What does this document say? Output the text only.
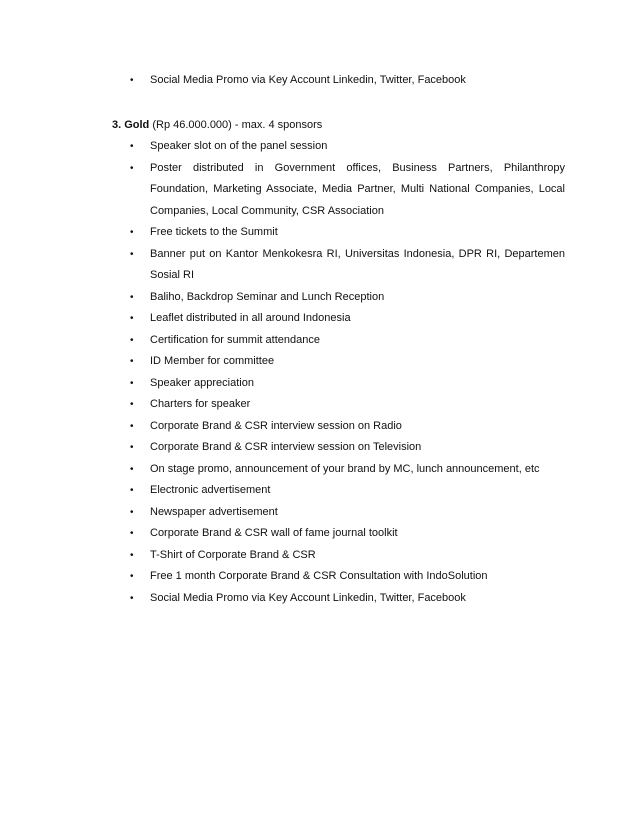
•	Social Media Promo via Key Account Linkedin, Twitter, Facebook

3. Gold (Rp 46.000.000) - max. 4 sponsors

•	Speaker slot on of the panel session
•	Poster distributed in Government offices, Business Partners, Philanthropy Foundation, Marketing Associate, Media Partner, Multi National Companies, Local Companies, Local Community, CSR Association
•	Free tickets to the Summit
•	Banner put on Kantor Menkokesra RI, Universitas Indonesia, DPR RI, Departemen Sosial RI
•	Baliho, Backdrop Seminar and Lunch Reception
•	Leaflet distributed in all around Indonesia
•	Certification for summit attendance
•	ID Member for committee
•	Speaker appreciation
•	Charters for speaker
•	Corporate Brand & CSR interview session on Radio
•	Corporate Brand & CSR interview session on Television
•	On stage promo, announcement of your brand by MC, lunch announcement, etc
•	Electronic advertisement
•	Newspaper advertisement
•	Corporate Brand & CSR wall of fame journal toolkit
•	T-Shirt of Corporate Brand & CSR
•	Free 1 month Corporate Brand & CSR Consultation with IndoSolution
•	Social Media Promo via Key Account Linkedin, Twitter, Facebook
